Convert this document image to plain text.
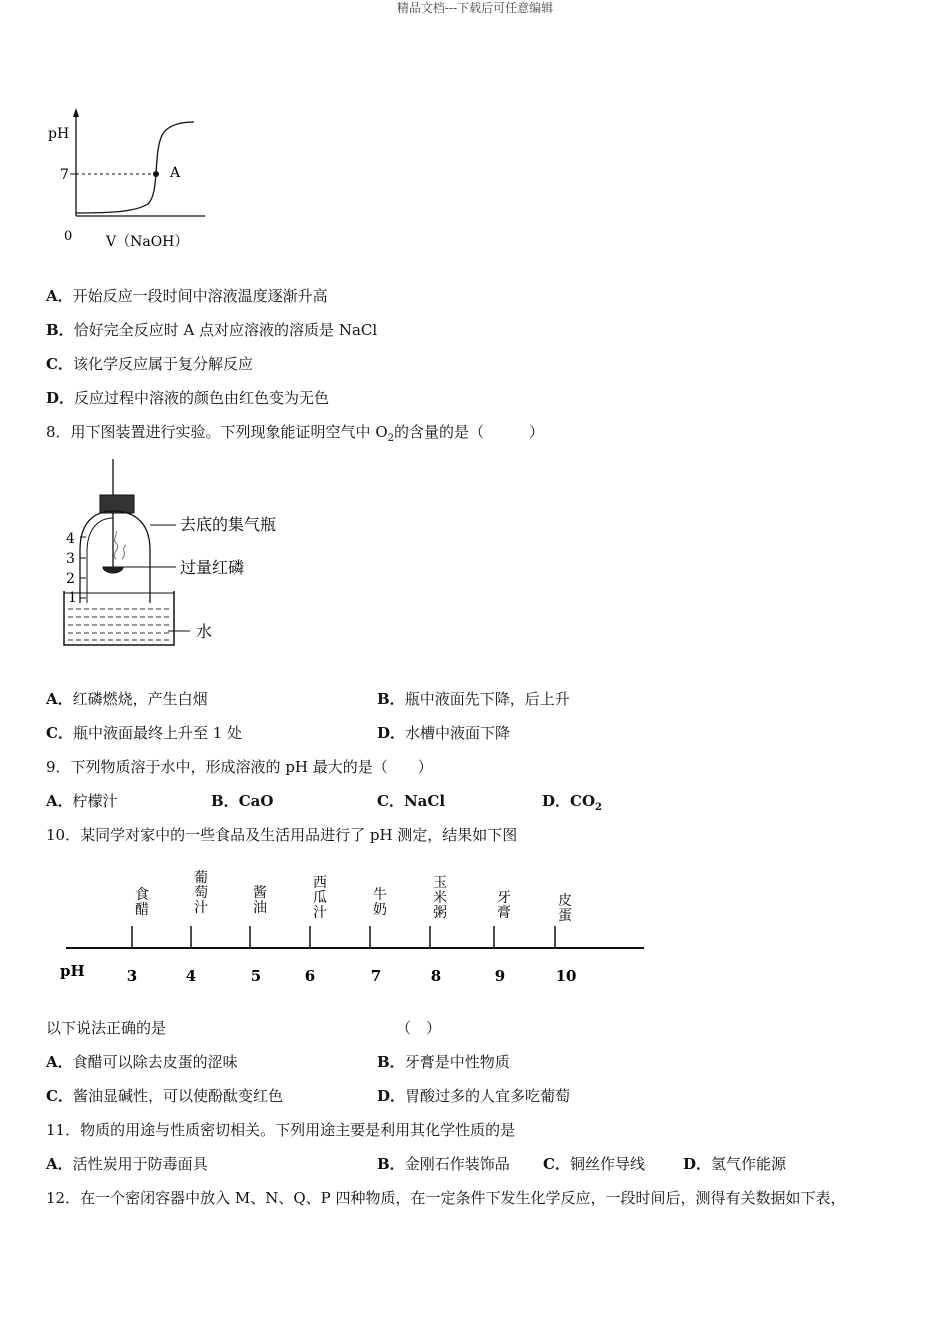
精品文档---下载后可任意编辑
pH
7
0
A
V（NaOH）
A．开始反应一段时间中溶液温度逐渐升高
B．恰好完全反应时 A 点对应溶液的溶质是 NaCl
C．该化学反应属于复分解反应
D．反应过程中溶液的颜色由红色变为无色
8．用下图装置进行实验。下列现象能证明空气中 $O_2$的含量的是（　　　）
4
3
2
1
去底的集气瓶
过量红磷
水
A．红磷燃烧，产生白烟	B．瓶中液面先下降，后上升
C．瓶中液面最终上升至 1 处	D．水槽中液面下降
9．下列物质溶于水中，形成溶液的 pH 最大的是（　　）
A．柠檬汁	B．CaO	C．NaCl	D．$CO_2$
10．某同学对家中的一些食品及生活用品进行了 pH 测定，结果如下图
pH	3	4	5	6	7	8	9	10
食
醋
葡
萄
汁
酱
油
西
瓜
汁
牛
奶
玉
米
粥
牙
膏
皮
蛋
以下说法正确的是	（　）
A．食醋可以除去皮蛋的涩味	B．牙膏是中性物质
C．酱油显碱性，可以使酚酞变红色	D．胃酸过多的人宜多吃葡萄
11．物质的用途与性质密切相关。下列用途主要是利用其化学性质的是
A．活性炭用于防毒面具	B．金刚石作装饰品 C．铜丝作导线	D．氢气作能源
12．在一个密闭容器中放入 M、N、Q、P 四种物质，在一定条件下发生化学反应，一段时间后，测得有关数据如下表，
